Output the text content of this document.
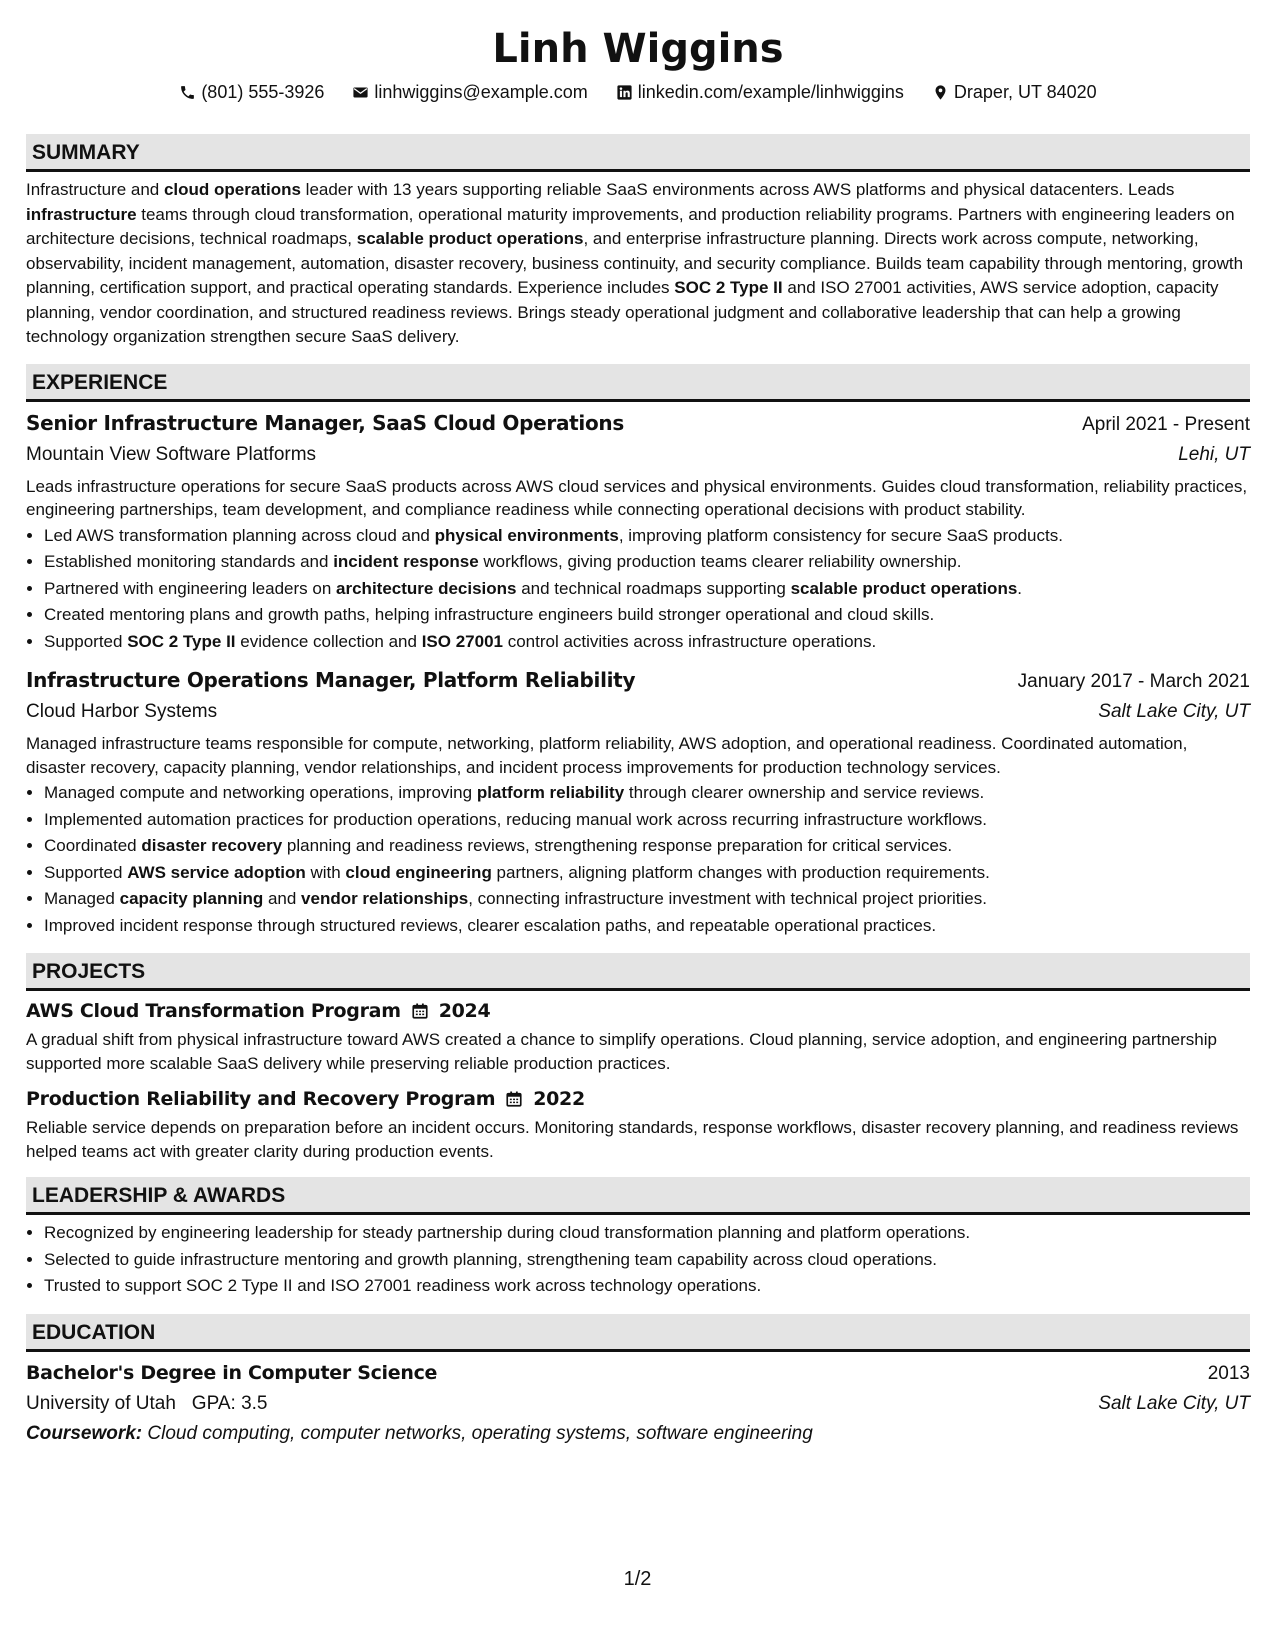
Linh Wiggins
(801) 555-3926	linhwiggins@example.com	linkedin.com/example/linhwiggins	Draper, UT 84020
SUMMARY

Infrastructure and cloud operations leader with 13 years supporting reliable SaaS environments across AWS platforms and physical datacenters. Leads infrastructure teams through cloud transformation, operational maturity improvements, and production reliability programs. Partners with engineering leaders on architecture decisions, technical roadmaps, scalable product operations, and enterprise infrastructure planning. Directs work across compute, networking, observability, incident management, automation, disaster recovery, business continuity, and security compliance. Builds team capability through mentoring, growth planning, certification support, and practical operating standards. Experience includes SOC 2 Type II and ISO 27001 activities, AWS service adoption, capacity planning, vendor coordination, and structured readiness reviews. Brings steady operational judgment and collaborative leadership that can help a growing technology organization strengthen secure SaaS delivery.

EXPERIENCE
Senior Infrastructure Manager, SaaS Cloud Operations	April 2021 - Present
Mountain View Software Platforms	Lehi, UT

Leads infrastructure operations for secure SaaS products across AWS cloud services and physical environments. Guides cloud transformation, reliability practices, engineering partnerships, team development, and compliance readiness while connecting operational decisions with product stability.

• Led AWS transformation planning across cloud and physical environments, improving platform consistency for secure SaaS products.
• Established monitoring standards and incident response workflows, giving production teams clearer reliability ownership.
• Partnered with engineering leaders on architecture decisions and technical roadmaps supporting scalable product operations.
• Created mentoring plans and growth paths, helping infrastructure engineers build stronger operational and cloud skills.
• Supported SOC 2 Type II evidence collection and ISO 27001 control activities across infrastructure operations.
Infrastructure Operations Manager, Platform Reliability	January 2017 - March 2021
Cloud Harbor Systems	Salt Lake City, UT

Managed infrastructure teams responsible for compute, networking, platform reliability, AWS adoption, and operational readiness. Coordinated automation, disaster recovery, capacity planning, vendor relationships, and incident process improvements for production technology services.

• Managed compute and networking operations, improving platform reliability through clearer ownership and service reviews.
• Implemented automation practices for production operations, reducing manual work across recurring infrastructure workflows.
• Coordinated disaster recovery planning and readiness reviews, strengthening response preparation for critical services.
• Supported AWS service adoption with cloud engineering partners, aligning platform changes with production requirements.
• Managed capacity planning and vendor relationships, connecting infrastructure investment with technical project priorities.
• Improved incident response through structured reviews, clearer escalation paths, and repeatable operational practices.
PROJECTS
AWS Cloud Transformation Program 2024

A gradual shift from physical infrastructure toward AWS created a chance to simplify operations. Cloud planning, service adoption, and engineering partnership supported more scalable SaaS delivery while preserving reliable production practices.

Production Reliability and Recovery Program 2022

Reliable service depends on preparation before an incident occurs. Monitoring standards, response workflows, disaster recovery planning, and readiness reviews helped teams act with greater clarity during production events.

LEADERSHIP & AWARDS
• Recognized by engineering leadership for steady partnership during cloud transformation planning and platform operations.
• Selected to guide infrastructure mentoring and growth planning, strengthening team capability across cloud operations.
• Trusted to support SOC 2 Type II and ISO 27001 readiness work across technology operations.
EDUCATION
Bachelor's Degree in Computer Science	2013
University of Utah GPA: 3.5	Salt Lake City, UT
Coursework: Cloud computing, computer networks, operating systems, software engineering
1/2
